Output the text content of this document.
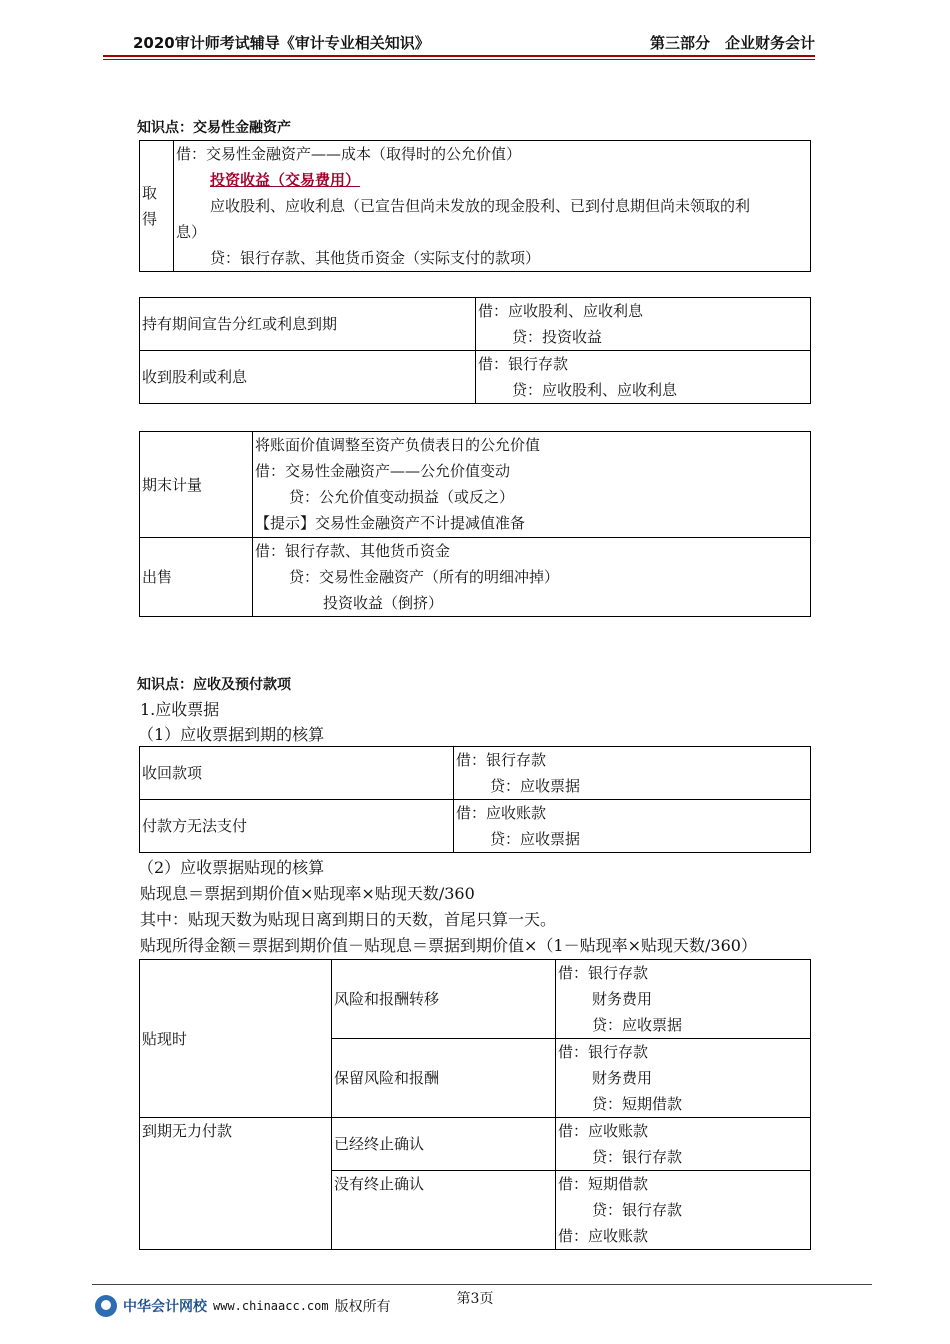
2020审计师考试辅导《审计专业相关知识》	第三部分　企业财务会计
知识点：交易性金融资产
取得	
借：交易性金融资产——成本（取得时的公允价值）
投资收益（交易费用）
应收股利、应收利息（已宣告但尚未发放的现金股利、已到付息期但尚未领取的利
息）
贷：银行存款、其他货币资金（实际支付的款项）
持有期间宣告分红或利息到期	借：应收股利、应收利息
贷：投资收益

收到股利或利息	借：银行存款
贷：应收股利、应收利息
期末计量	将账面价值调整至资产负债表日的公允价值
借：交易性金融资产——公允价值变动
贷：公允价值变动损益（或反之）
【提示】交易性金融资产不计提减值准备

出售	借：银行存款、其他货币资金
贷：交易性金融资产（所有的明细冲掉）
投资收益（倒挤）
知识点：应收及预付款项
1.应收票据
（1）应收票据到期的核算
收回款项	借：银行存款
贷：应收票据

付款方无法支付	借：应收账款
贷：应收票据
（2）应收票据贴现的核算
贴现息＝票据到期价值×贴现率×贴现天数/360
其中：贴现天数为贴现日离到期日的天数，首尾只算一天。
贴现所得金额＝票据到期价值－贴现息＝票据到期价值×（1－贴现率×贴现天数/360）
贴现时	风险和报酬转移	借：银行存款
财务费用
贷：应收票据

	保留风险和报酬	借：银行存款
财务费用
贷：短期借款

到期无力付款	已经终止确认	借：应收账款
贷：银行存款

	没有终止确认	借：短期借款
贷：银行存款
借：应收账款
第3页
中华会计网校 www.chinaacc.com 版权所有
